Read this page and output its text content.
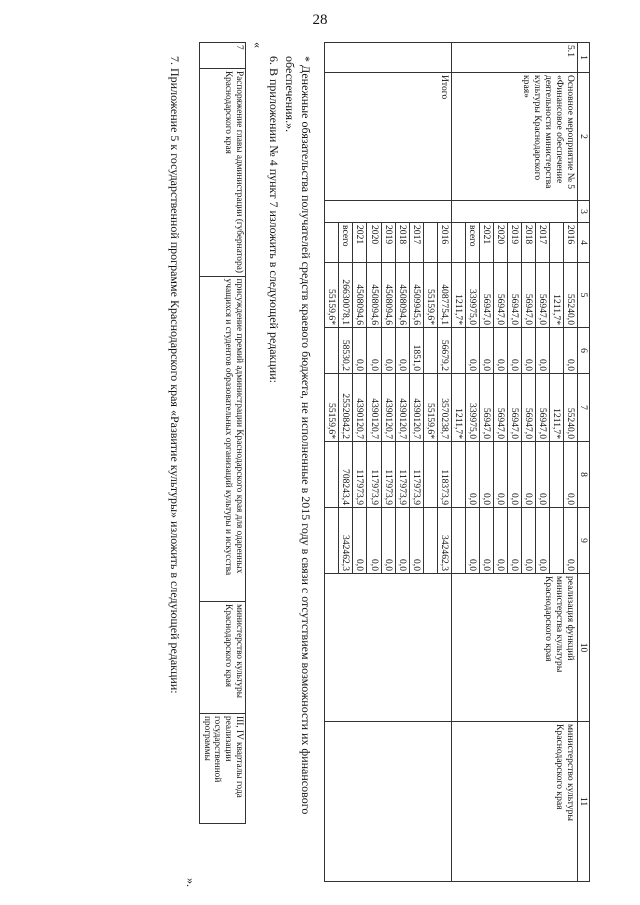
28
1	2	3	4	5	6	7	8	9	10	11
5.1	Основное мероприятие № 5 «Финансовое обеспечение деятельности министерства культуры Краснодарского края»		2016	55240,0	0,0	55240,0	0,0	0,0	реализация функций министерства культуры Краснодарского края	министерство культуры Краснодарского края
				1211,7*		1211,7*				
			2017	56947,0	0,0	56947,0	0,0	0,0		
			2018	56947,0	0,0	56947,0	0,0	0,0		
			2019	56947,0	0,0	56947,0	0,0	0,0		
			2020	56947,0	0,0	56947,0	0,0	0,0		
			2021	56947,0	0,0	56947,0	0,0	0,0		
			всего	339975,0	0,0	339975,0	0,0	0,0		
				1211,7*		1211,7*				
	Итого		2016	4087754,1	56679,2	3570238,7	118373,9	342462,3		
				55159,6*		55159,6*				
			2017	4509945,6	1851,0	4390120,7	117973,9	0,0		
			2018	4508094,6	0,0	4390120,7	117973,9	0,0		
			2019	4508094,6	0,0	4390120,7	117973,9	0,0		
			2020	4508094,6	0,0	4390120,7	117973,9	0,0		
			2021	4508094,6	0,0	4390120,7	117973,9	0,0		
			всего	26630078,1	58530,2	25520842,2	708243,4	342462,3		
				55159,6*		55159,6*				

* Денежные обязательства получателей средств краевого бюджета, не исполненные в 2015 году в связи с отсутствием возможности их финансового обеспечения.».

6. В приложении № 4 пункт 7 изложить в следующей редакции:

«

7	Распоряжение главы администрации (губернатора) Краснодарского края	присуждение премий администрации Краснодарского края для одаренных учащихся и студентов образовательных организаций культуры и искусства	министерство культуры Краснодарского края	III, IV кварталы года реализации государственной программы
».
7. Приложение 5 к государственной программе Краснодарского края «Развитие культуры» изложить в следующей редакции:
